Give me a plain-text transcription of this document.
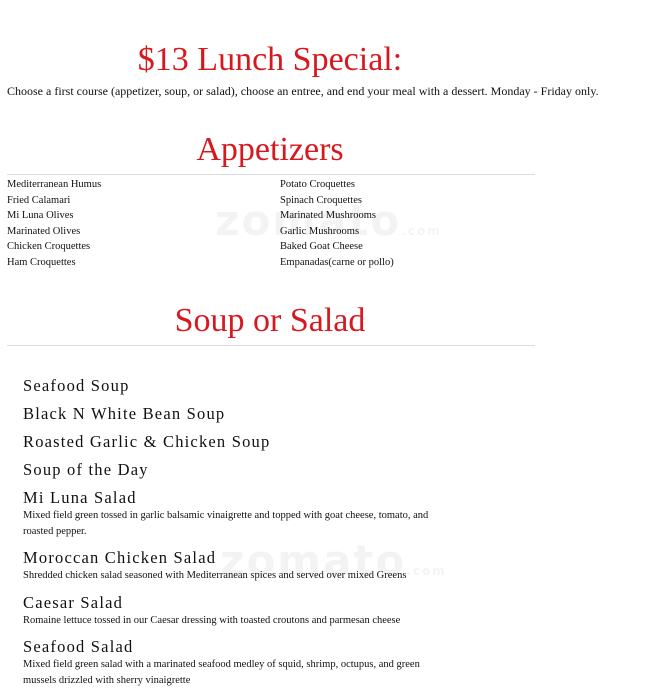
$13 Lunch Special:
Choose a first course (appetizer, soup, or salad), choose an entree, and end your meal with a dessert. Monday - Friday only.
Appetizers
Mediterranean Humus
Fried Calamari
Mi Luna Olives
Marinated Olives
Chicken Croquettes
Ham Croquettes
Potato Croquettes
Spinach Croquettes
Marinated Mushrooms
Garlic Mushrooms
Baked Goat Cheese
Empanadas(carne or pollo)
Soup or Salad
Seafood Soup
Black N White Bean Soup
Roasted Garlic & Chicken Soup
Soup of the Day
Mi Luna Salad
Mixed field green tossed in garlic balsamic vinaigrette and topped with goat cheese, tomato, and roasted pepper.
Moroccan Chicken Salad
Shredded chicken salad seasoned with Mediterranean spices and served over mixed Greens
Caesar Salad
Romaine lettuce tossed in our Caesar dressing with toasted croutons and parmesan cheese
Seafood Salad
Mixed field green salad with a marinated seafood medley of squid, shrimp, octupus, and green mussels drizzled with sherry vinaigrette
